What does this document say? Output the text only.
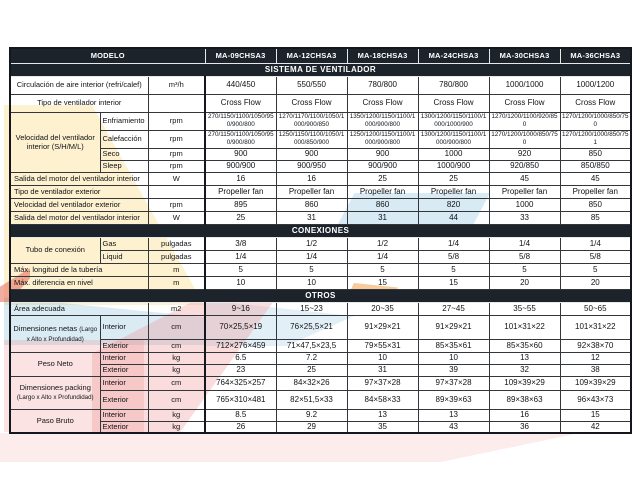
MODELO			MA-09CHSA3	MA-12CHSA3	MA-18CHSA3	MA-24CHSA3	MA-30CHSA3	MA-36CHSA3
SISTEMA DE VENTILADOR								
Circulación de aire interior (refri/calef)		m³/h	440/450	550/550	780/800	780/800	1000/1000	1000/1200
Tipo de ventilador interior			Cross Flow	Cross Flow	Cross Flow	Cross Flow	Cross Flow	Cross Flow
Velocidad del ventilador interior (S/H/M/L)	Enfriamiento	rpm	270/1150/1100/1050/950/900/800	1270/1170/1100/1050/1000/900/850	1350/1200/1150/1100/1000/900/800	1300/1200/1150/1100/1000/1000/900	1270/1200/1100/920/850	1270/1200/1000/850/750
	Calefacción	rpm	270/1150/1100/1050/950/900/800	1250/1150/1100/1050/1000/850/900	1250/1200/1150/1100/1000/900/800	1300/1200/1150/1100/1000/900/800	1270/1200/1000/850/750	1270/1200/1000/850/751
	Seco	rpm	900	900	900	1000	920	850
	Sleep	rpm	900/900	900/950	900/900	1000/900	920/850	850/850
Salida del motor del ventilador interior		W	16	16	25	25	45	45
Tipo de ventilador exterior			Propeller fan	Propeller fan	Propeller fan	Propeller fan	Propeller fan	Propeller fan
Velocidad del ventilador exterior		rpm	895	860	860	820	1000	850
Salida del motor del ventilador interior		W	25	31	31	44	33	85
CONEXIONES								
Tubo de conexión	Gas	pulgadas	3/8	1/2	1/2	1/4	1/4	1/4
	Liquid	pulgadas	1/4	1/4	1/4	5/8	5/8	5/8
Máx. longitud de la tubería		m	5	5	5	5	5	5
Máx. diferencia en nivel		m	10	10	15	15	20	20
OTROS								
Área adecuada		m2	9~16	15~23	20~35	27~45	35~55	50~65
Dimensiones netas (Largo x Alto x Profundidad)	Interior	cm	70×25,5×19	76×25,5×21	91×29×21	91×29×21	101×31×22	101×31×22
	Exterior	cm	712×276×459	71×47,5×23,5	79×55×31	85×35×61	85×35×60	92×38×70
Peso Neto	Interior	kg	6.5	7.2	10	10	13	12
	Exterior	kg	23	25	31	39	32	38
Dimensiones packing (Largo x Alto x Profundidad)	Interior	cm	764×325×257	84×32×26	97×37×28	97×37×28	109×39×29	109×39×29
	Exterior	cm	765×310×481	82×51,5×33	84×58×33	89×39×63	89×38×63	96×43×73
Paso Bruto	Interior	kg	8.5	9.2	13	13	16	15
	Exterior	kg	26	29	35	43	36	42
